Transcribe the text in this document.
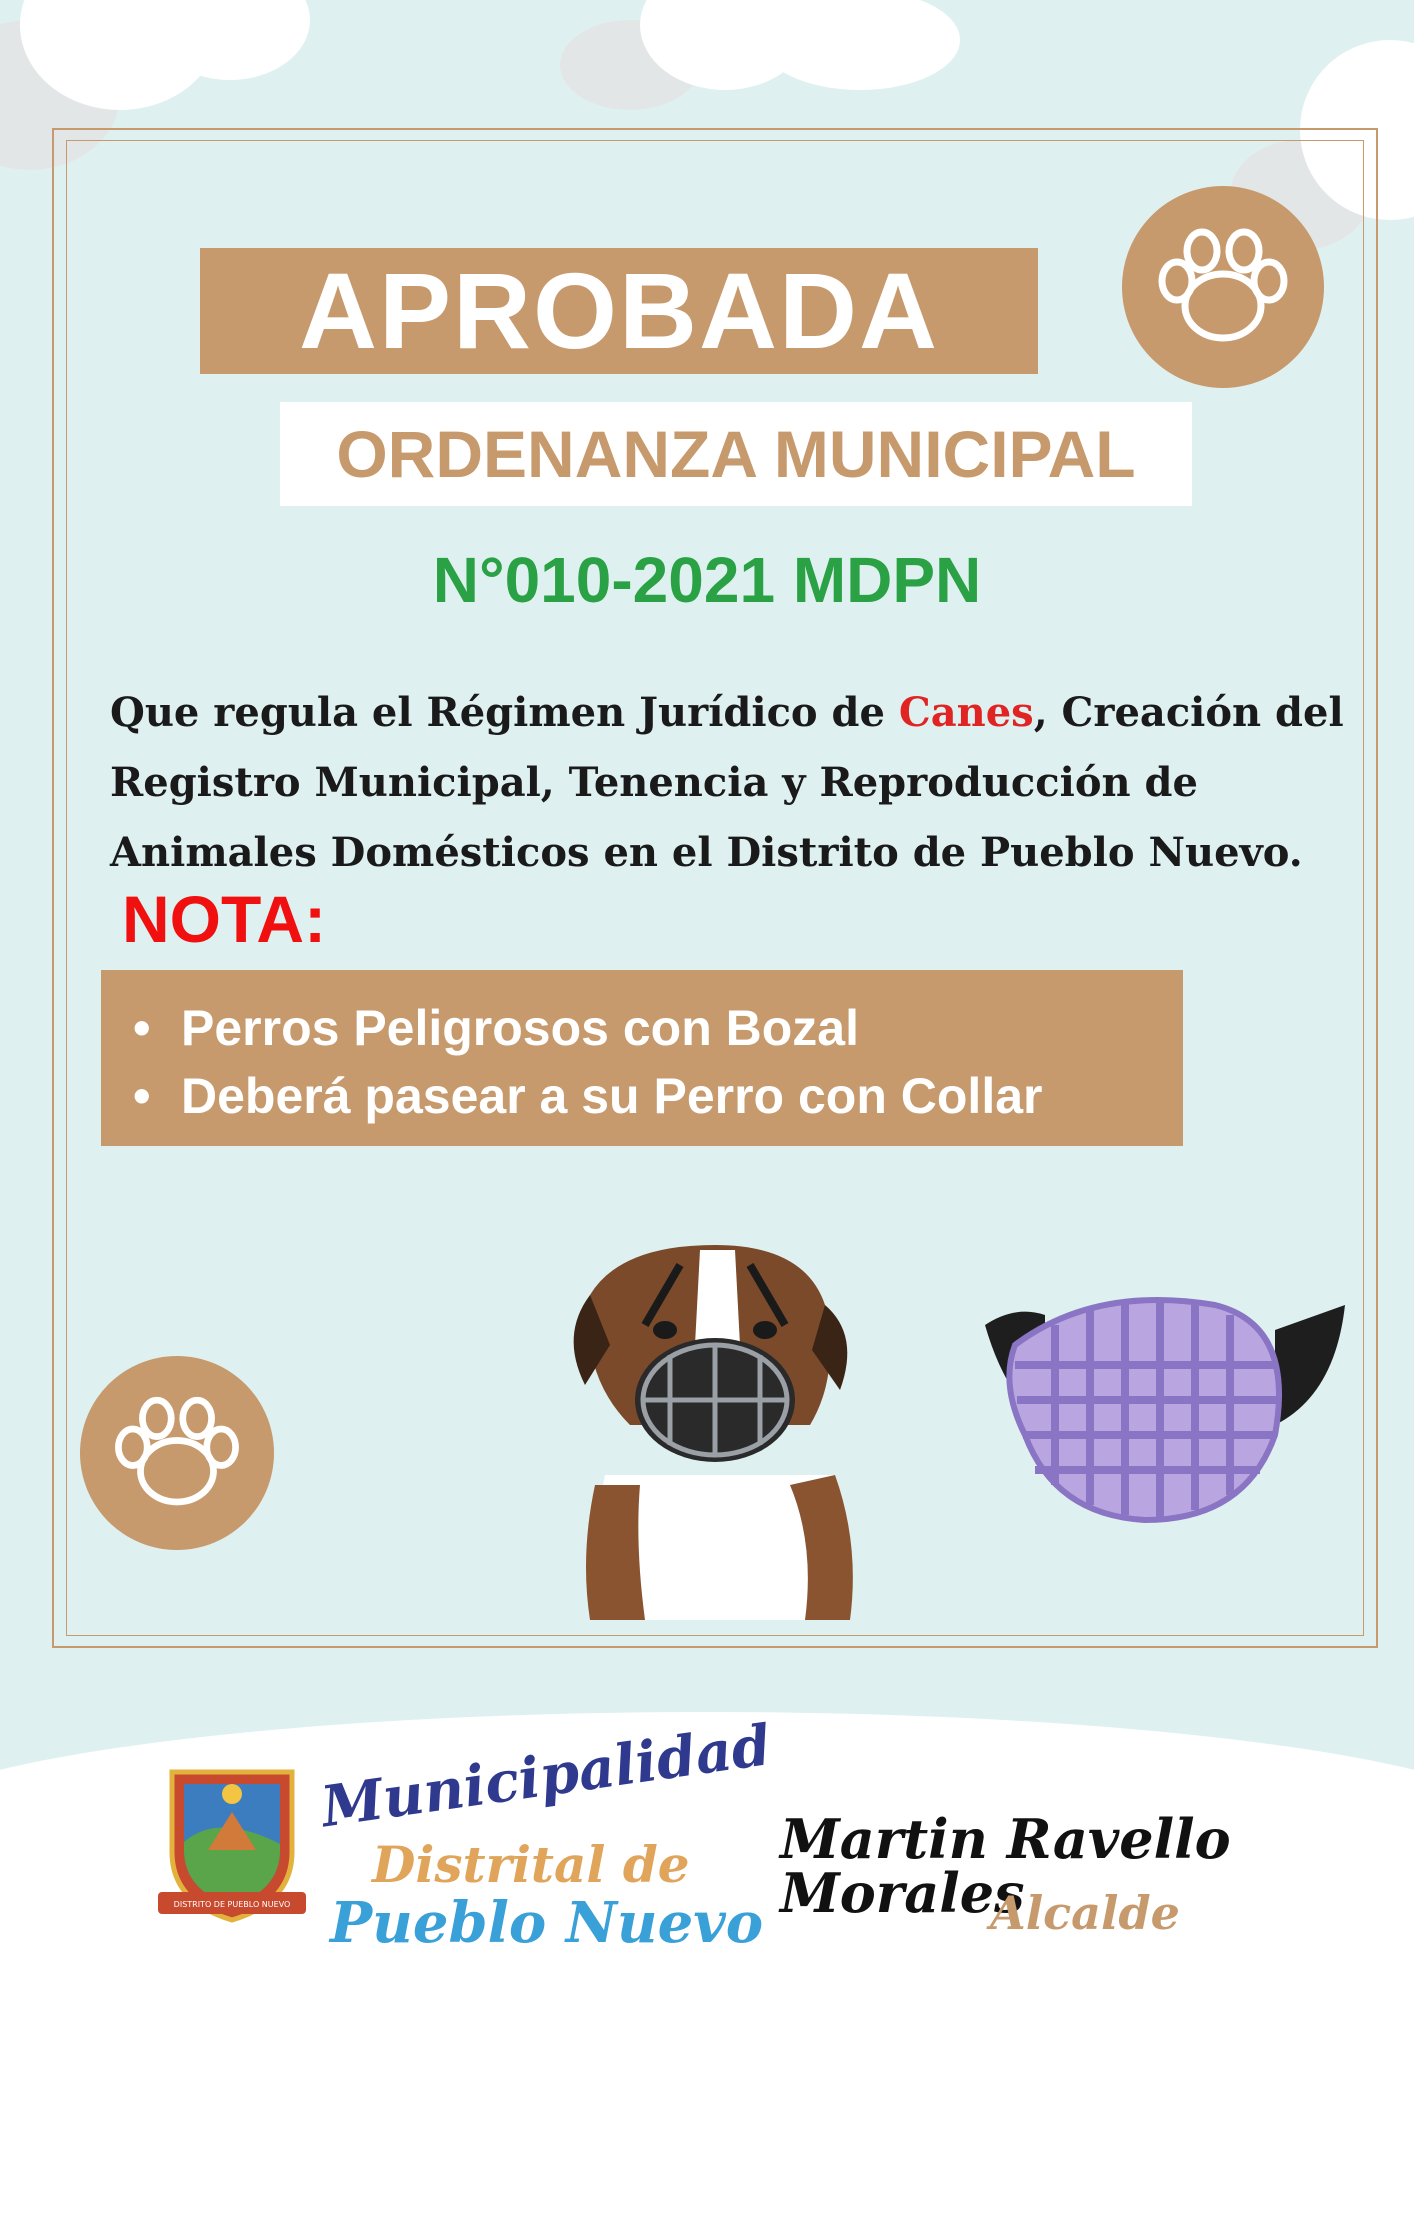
APROBADA
ORDENANZA MUNICIPAL
N°010-2021 MDPN
Que regula el Régimen Jurídico de Canes, Creación del Registro Municipal, Tenencia y Reproducción de Animales Domésticos en el Distrito de Pueblo Nuevo.
NOTA:
• Perros Peligrosos con Bozal
• Deberá pasear a su Perro con Collar
DISTRITO DE PUEBLO NUEVO
Municipalidad
Distrital de
Pueblo Nuevo
Martin Ravello Morales
Alcalde
